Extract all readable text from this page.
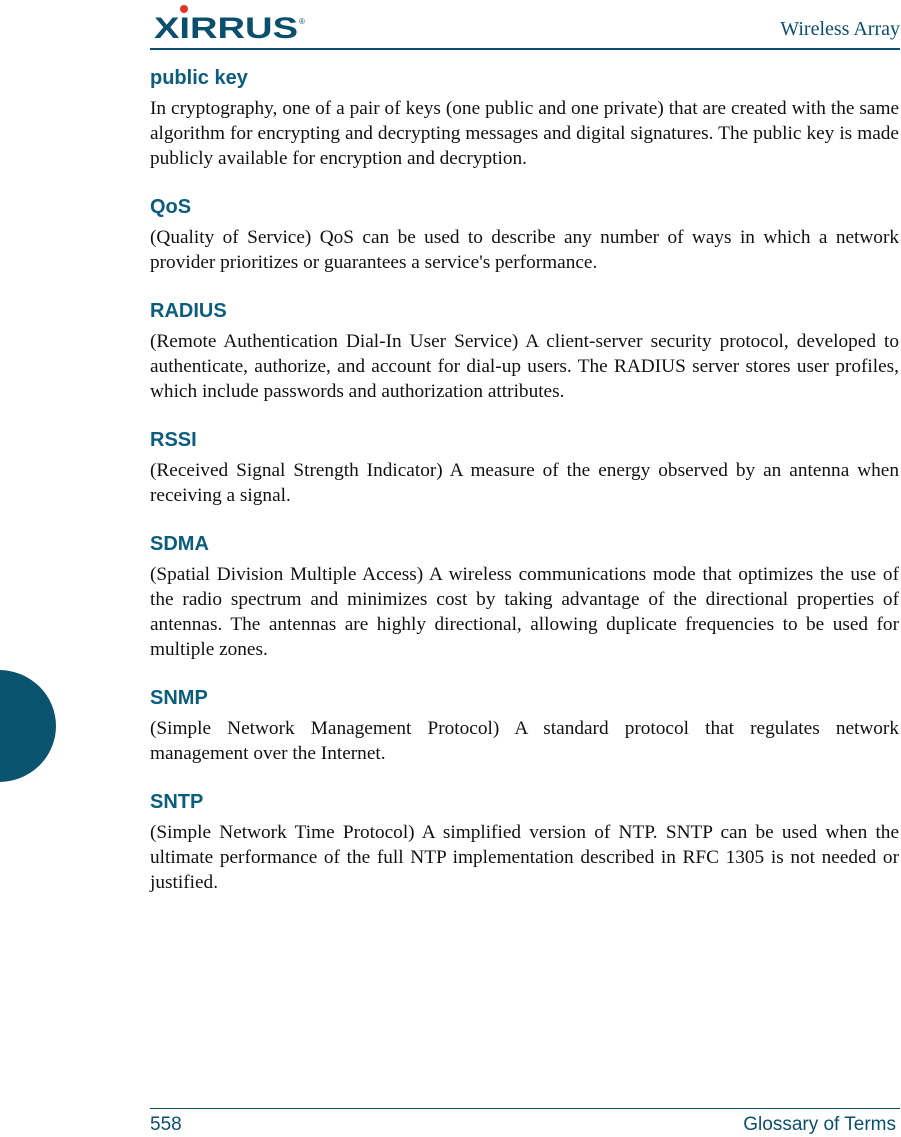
XIRRUS ®	Wireless Array
public key

In cryptography, one of a pair of keys (one public and one private) that are created with the same algorithm for encrypting and decrypting messages and digital signatures. The public key is made publicly available for encryption and decryption.

QoS

(Quality of Service) QoS can be used to describe any number of ways in which a network provider prioritizes or guarantees a service's performance.

RADIUS

(Remote Authentication Dial-In User Service) A client-server security protocol, developed to authenticate, authorize, and account for dial-up users. The RADIUS server stores user profiles, which include passwords and authorization attributes.

RSSI

(Received Signal Strength Indicator) A measure of the energy observed by an antenna when receiving a signal.

SDMA

(Spatial Division Multiple Access) A wireless communications mode that optimizes the use of the radio spectrum and minimizes cost by taking advantage of the directional properties of antennas. The antennas are highly directional, allowing duplicate frequencies to be used for multiple zones.

SNMP

(Simple Network Management Protocol) A standard protocol that regulates network management over the Internet.

SNTP

(Simple Network Time Protocol) A simplified version of NTP. SNTP can be used when the ultimate performance of the full NTP implementation described in RFC 1305 is not needed or justified.

558	Glossary of Terms
